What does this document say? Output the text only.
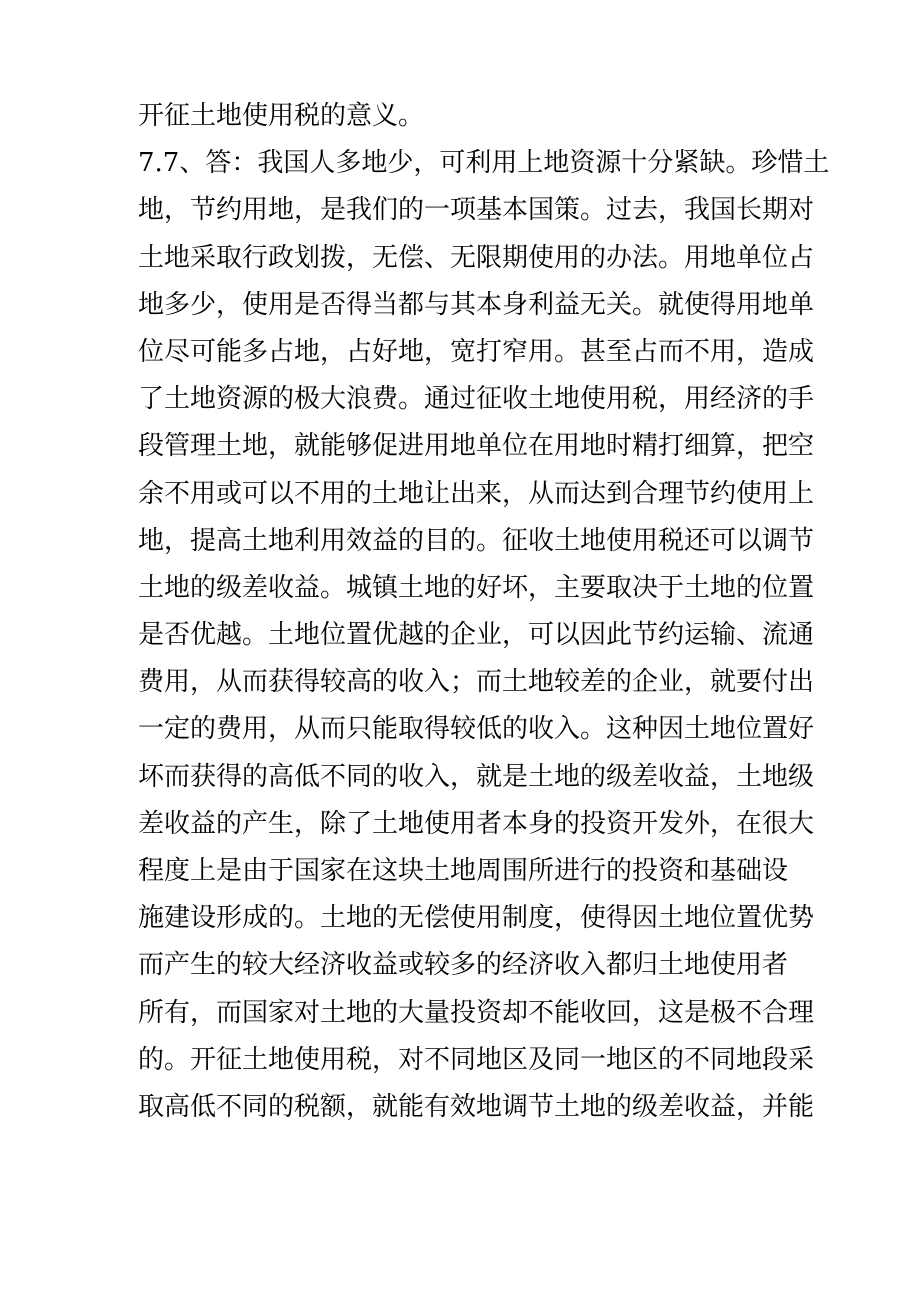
开征土地使用税的意义。
7.7、答：我国人多地少，可利用上地资源十分紧缺。珍惜土
地，节约用地，是我们的一项基本国策。过去，我国长期对
土地采取行政划拨，无偿、无限期使用的办法。用地单位占
地多少，使用是否得当都与其本身利益无关。就使得用地单
位尽可能多占地，占好地，宽打窄用。甚至占而不用，造成
了土地资源的极大浪费。通过征收土地使用税，用经济的手
段管理土地，就能够促进用地单位在用地时精打细算，把空
余不用或可以不用的土地让出来，从而达到合理节约使用上
地，提高土地利用效益的目的。征收土地使用税还可以调节
土地的级差收益。城镇土地的好坏，主要取决于土地的位置
是否优越。土地位置优越的企业，可以因此节约运输、流通
费用，从而获得较高的收入；而土地较差的企业，就要付出
一定的费用，从而只能取得较低的收入。这种因土地位置好
坏而获得的高低不同的收入，就是土地的级差收益，土地级
差收益的产生，除了土地使用者本身的投资开发外，在很大
程度上是由于国家在这块土地周围所进行的投资和基础设
施建设形成的。土地的无偿使用制度，使得因土地位置优势
而产生的较大经济收益或较多的经济收入都归土地使用者
所有，而国家对土地的大量投资却不能收回，这是极不合理
的。开征土地使用税，对不同地区及同一地区的不同地段采
取高低不同的税额，就能有效地调节土地的级差收益，并能
